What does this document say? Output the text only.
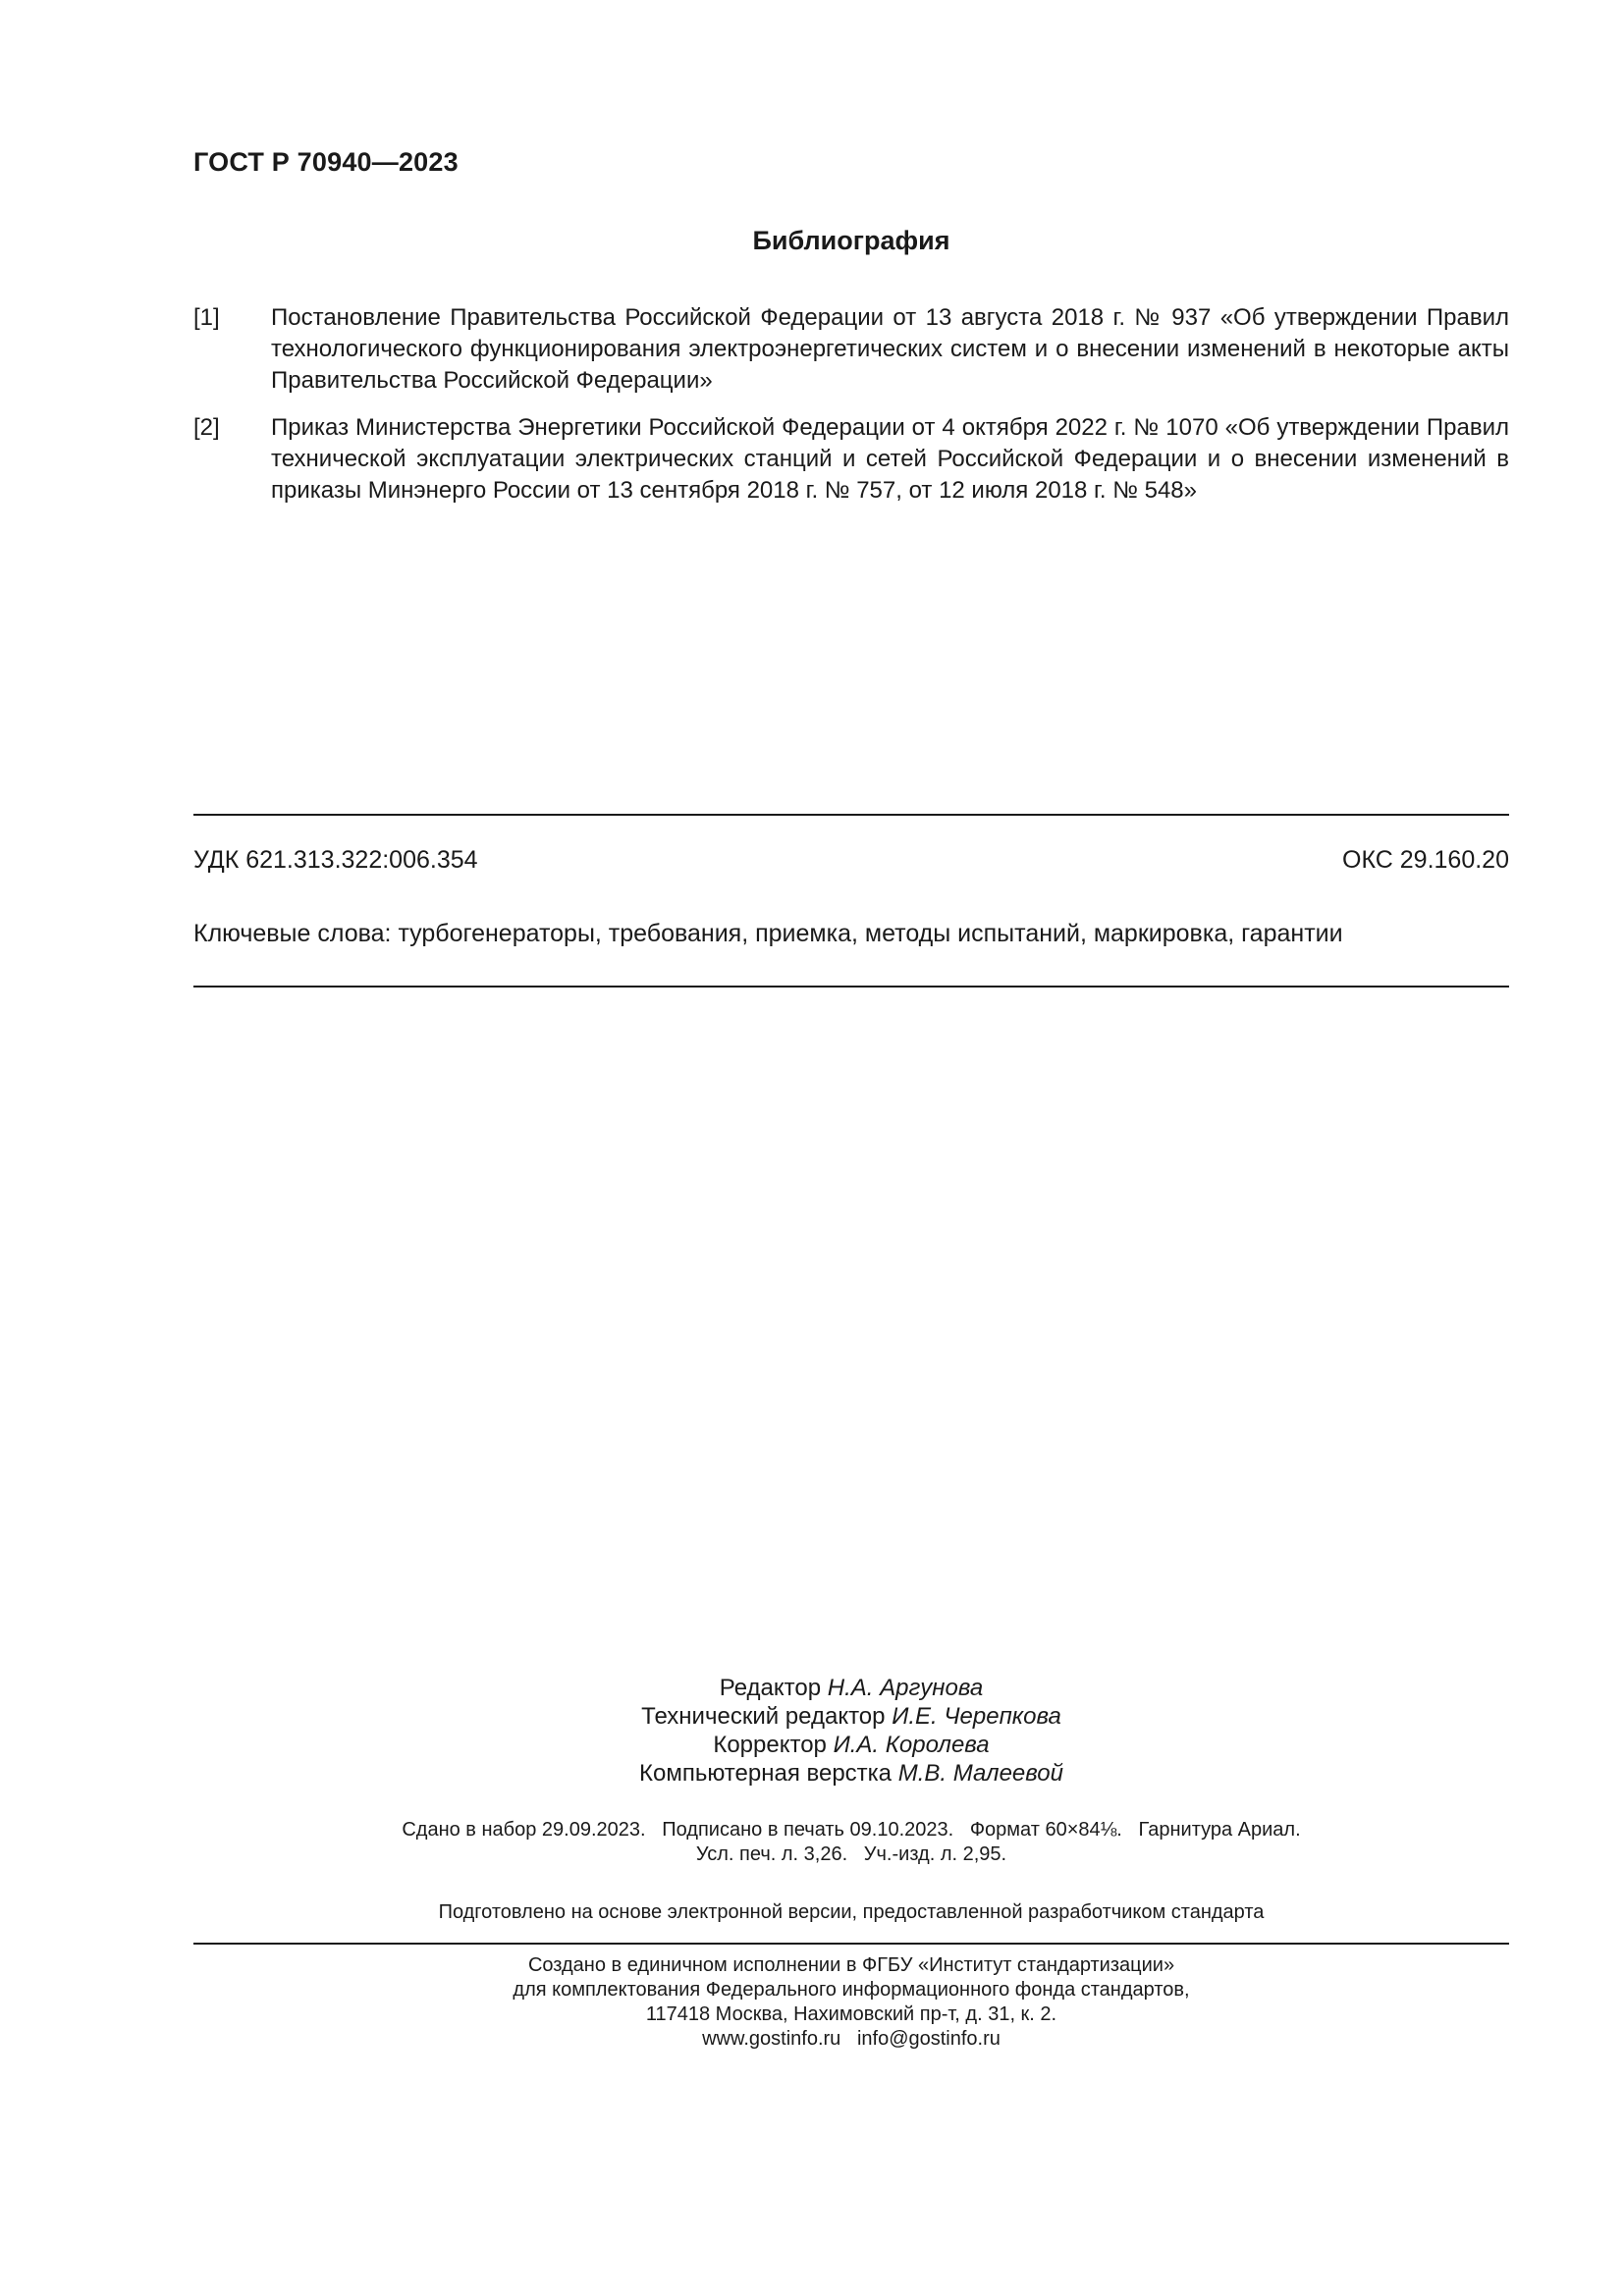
ГОСТ Р 70940—2023
Библиография
[1]	Постановление Правительства Российской Федерации от 13 августа 2018 г. № 937 «Об утверждении Правил технологического функционирования электроэнергетических систем и о внесении изменений в некоторые акты Правительства Российской Федерации»
[2]	Приказ Министерства Энергетики Российской Федерации от 4 октября 2022 г. № 1070 «Об утверждении Правил технической эксплуатации электрических станций и сетей Российской Федерации и о внесении изменений в приказы Минэнерго России от 13 сентября 2018 г. № 757, от 12 июля 2018 г. № 548»
УДК 621.313.322:006.354	ОКС 29.160.20
Ключевые слова: турбогенераторы, требования, приемка, методы испытаний, маркировка, гарантии
Редактор Н.А. Аргунова
Технический редактор И.Е. Черепкова
Корректор И.А. Королева
Компьютерная верстка М.В. Малеевой
Сдано в набор 29.09.2023.   Подписано в печать 09.10.2023.   Формат 60×84⅛.   Гарнитура Ариал.
Усл. печ. л. 3,26.   Уч.-изд. л. 2,95.
Подготовлено на основе электронной версии, предоставленной разработчиком стандарта
Создано в единичном исполнении в ФГБУ «Институт стандартизации»
для комплектования Федерального информационного фонда стандартов,
117418 Москва, Нахимовский пр-т, д. 31, к. 2.
www.gostinfo.ru   info@gostinfo.ru
